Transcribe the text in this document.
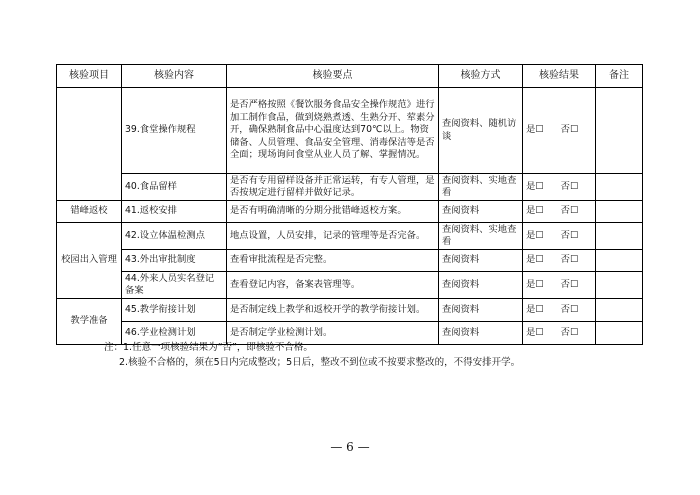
核验项目	核验内容	核验要点	核验方式	核验结果	备注
	39.食堂操作规程	是否严格按照《餐饮服务食品安全操作规范》进行加工制作食品，做到烧熟煮透、生熟分开、荤素分开，确保熟制食品中心温度达到70℃以上。物资储备、人员管理、食品安全管理、消毒保洁等是否全面；现场询问食堂从业人员了解、掌握情况。	查阅资料、随机访谈	是☐ 否☐	
	40.食品留样	是否有专用留样设备并正常运转，有专人管理，是否按规定进行留样并做好记录。	查阅资料、实地查看	是☐ 否☐	
错峰返校	41.返校安排	是否有明确清晰的分期分批错峰返校方案。	查阅资料	是☐ 否☐	
校园出入管理	42.设立体温检测点	地点设置，人员安排，记录的管理等是否完备。	查阅资料、实地查看	是☐ 否☐	
	43.外出审批制度	查看审批流程是否完整。	查阅资料	是☐ 否☐	
	44.外来人员实名登记备案	查看登记内容，备案表管理等。	查阅资料	是☐ 否☐	
教学准备	45.教学衔接计划	是否制定线上教学和返校开学的教学衔接计划。	查阅资料	是☐ 否☐	
	46.学业检测计划	是否制定学业检测计划。	查阅资料	是☐ 否☐	
注：1.任意一项核验结果为“否”，即核验不合格。
2.核验不合格的，须在5日内完成整改；5日后，整改不到位或不按要求整改的，不得安排开学。
— 6 —
